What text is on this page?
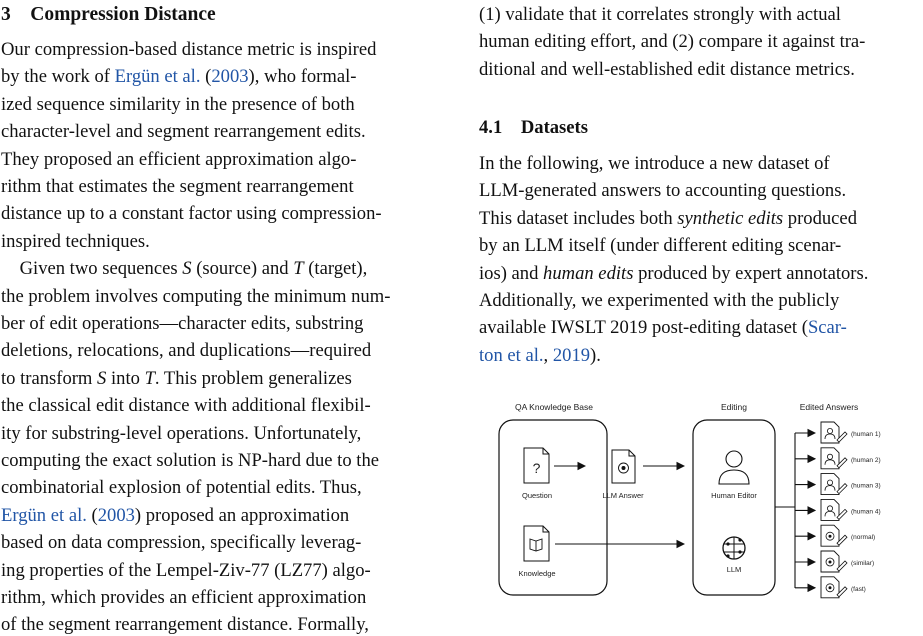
3 Compression Distance
Our compression-based distance metric is inspired
by the work of Ergün et al. (2003), who formal-
ized sequence similarity in the presence of both
character-level and segment rearrangement edits.
They proposed an efficient approximation algo-
rithm that estimates the segment rearrangement
distance up to a constant factor using compression-
inspired techniques.
 Given two sequences S (source) and T (target),
the problem involves computing the minimum num-
ber of edit operations—character edits, substring
deletions, relocations, and duplications—required
to transform S into T. This problem generalizes
the classical edit distance with additional flexibil-
ity for substring-level operations. Unfortunately,
computing the exact solution is NP-hard due to the
combinatorial explosion of potential edits. Thus,
Ergün et al. (2003) proposed an approximation
based on data compression, specifically leverag-
ing properties of the Lempel-Ziv-77 (LZ77) algo-
rithm, which provides an efficient approximation
of the segment rearrangement distance. Formally,
(1) validate that it correlates strongly with actual
human editing effort, and (2) compare it against tra-
ditional and well-established edit distance metrics.
4.1 Datasets
In the following, we introduce a new dataset of
LLM-generated answers to accounting questions.
This dataset includes both synthetic edits produced
by an LLM itself (under different editing scenar-
ios) and human edits produced by expert annotators.
Additionally, we experimented with the publicly
available IWSLT 2019 post-editing dataset (Scar-
ton et al., 2019).
QA Knowledge Base	Editing	Edited Answers
?
Question
Knowledge
LLM Answer	Human Editor
LLM
(human 1)
(human 2)
(human 3)
(human 4)
(normal)
(similar)
(fast)
